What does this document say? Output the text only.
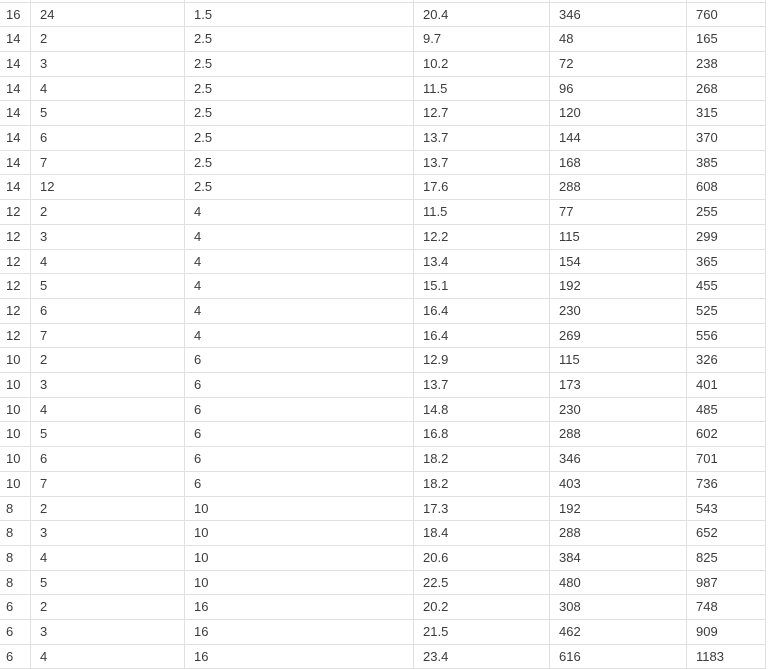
16	24	1.5	20.4	346	760
14	2	2.5	9.7	48	165
14	3	2.5	10.2	72	238
14	4	2.5	11.5	96	268
14	5	2.5	12.7	120	315
14	6	2.5	13.7	144	370
14	7	2.5	13.7	168	385
14	12	2.5	17.6	288	608
12	2	4	11.5	77	255
12	3	4	12.2	115	299
12	4	4	13.4	154	365
12	5	4	15.1	192	455
12	6	4	16.4	230	525
12	7	4	16.4	269	556
10	2	6	12.9	115	326
10	3	6	13.7	173	401
10	4	6	14.8	230	485
10	5	6	16.8	288	602
10	6	6	18.2	346	701
10	7	6	18.2	403	736
8	2	10	17.3	192	543
8	3	10	18.4	288	652
8	4	10	20.6	384	825
8	5	10	22.5	480	987
6	2	16	20.2	308	748
6	3	16	21.5	462	909
6	4	16	23.4	616	1183
